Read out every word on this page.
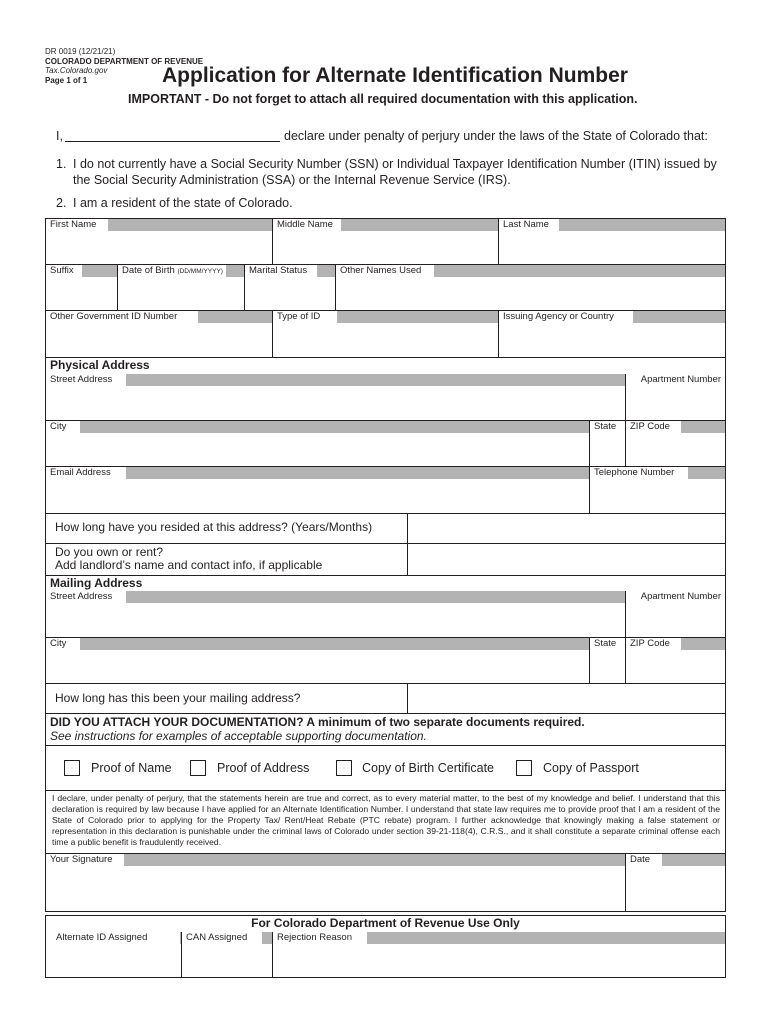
DR 0019 (12/21/21)
COLORADO DEPARTMENT OF REVENUE
Tax.Colorado.gov
Page 1 of 1	Application for Alternate Identification Number
IMPORTANT - Do not forget to attach all required documentation with this application.
I,	declare under penalty of perjury under the laws of the State of Colorado that:
1. I do not currently have a Social Security Number (SSN) or Individual Taxpayer Identification Number (ITIN) issued by the Social Security Administration (SSA) or the Internal Revenue Service (IRS).
2. I am a resident of the state of Colorado.
First Name	Middle Name	Last Name
Suffix	Date of Birth (DD/MM/YYYY)	Marital Status	Other Names Used
Other Government ID Number	Type of ID	Issuing Agency or Country
Physical Address
Street Address	Apartment Number
City	State	ZIP Code
Email Address	Telephone Number
How long have you resided at this address? (Years/Months)
Do you own or rent?
Add landlord’s name and contact info, if applicable
Mailing Address
Street Address	Apartment Number
City	State	ZIP Code
How long has this been your mailing address?
DID YOU ATTACH YOUR DOCUMENTATION? A minimum of two separate documents required.
See instructions for examples of acceptable supporting documentation.
Proof of Name	Proof of Address	Copy of Birth Certificate	Copy of Passport
I declare, under penalty of perjury, that the statements herein are true and correct, as to every material matter, to the best of my knowledge and belief. I understand that this declaration is required by law because I have applied for an Alternate Identification Number. I understand that state law requires me to provide proof that I am a resident of the State of Colorado prior to applying for the Property Tax/ Rent/Heat Rebate (PTC rebate) program. I further acknowledge that knowingly making a false statement or representation in this declaration is punishable under the criminal laws of Colorado under section 39-21-118(4), C.R.S., and it shall constitute a separate criminal offense each time a public benefit is fraudulently received.
Your Signature	Date
For Colorado Department of Revenue Use Only
Alternate ID Assigned	CAN Assigned	Rejection Reason
